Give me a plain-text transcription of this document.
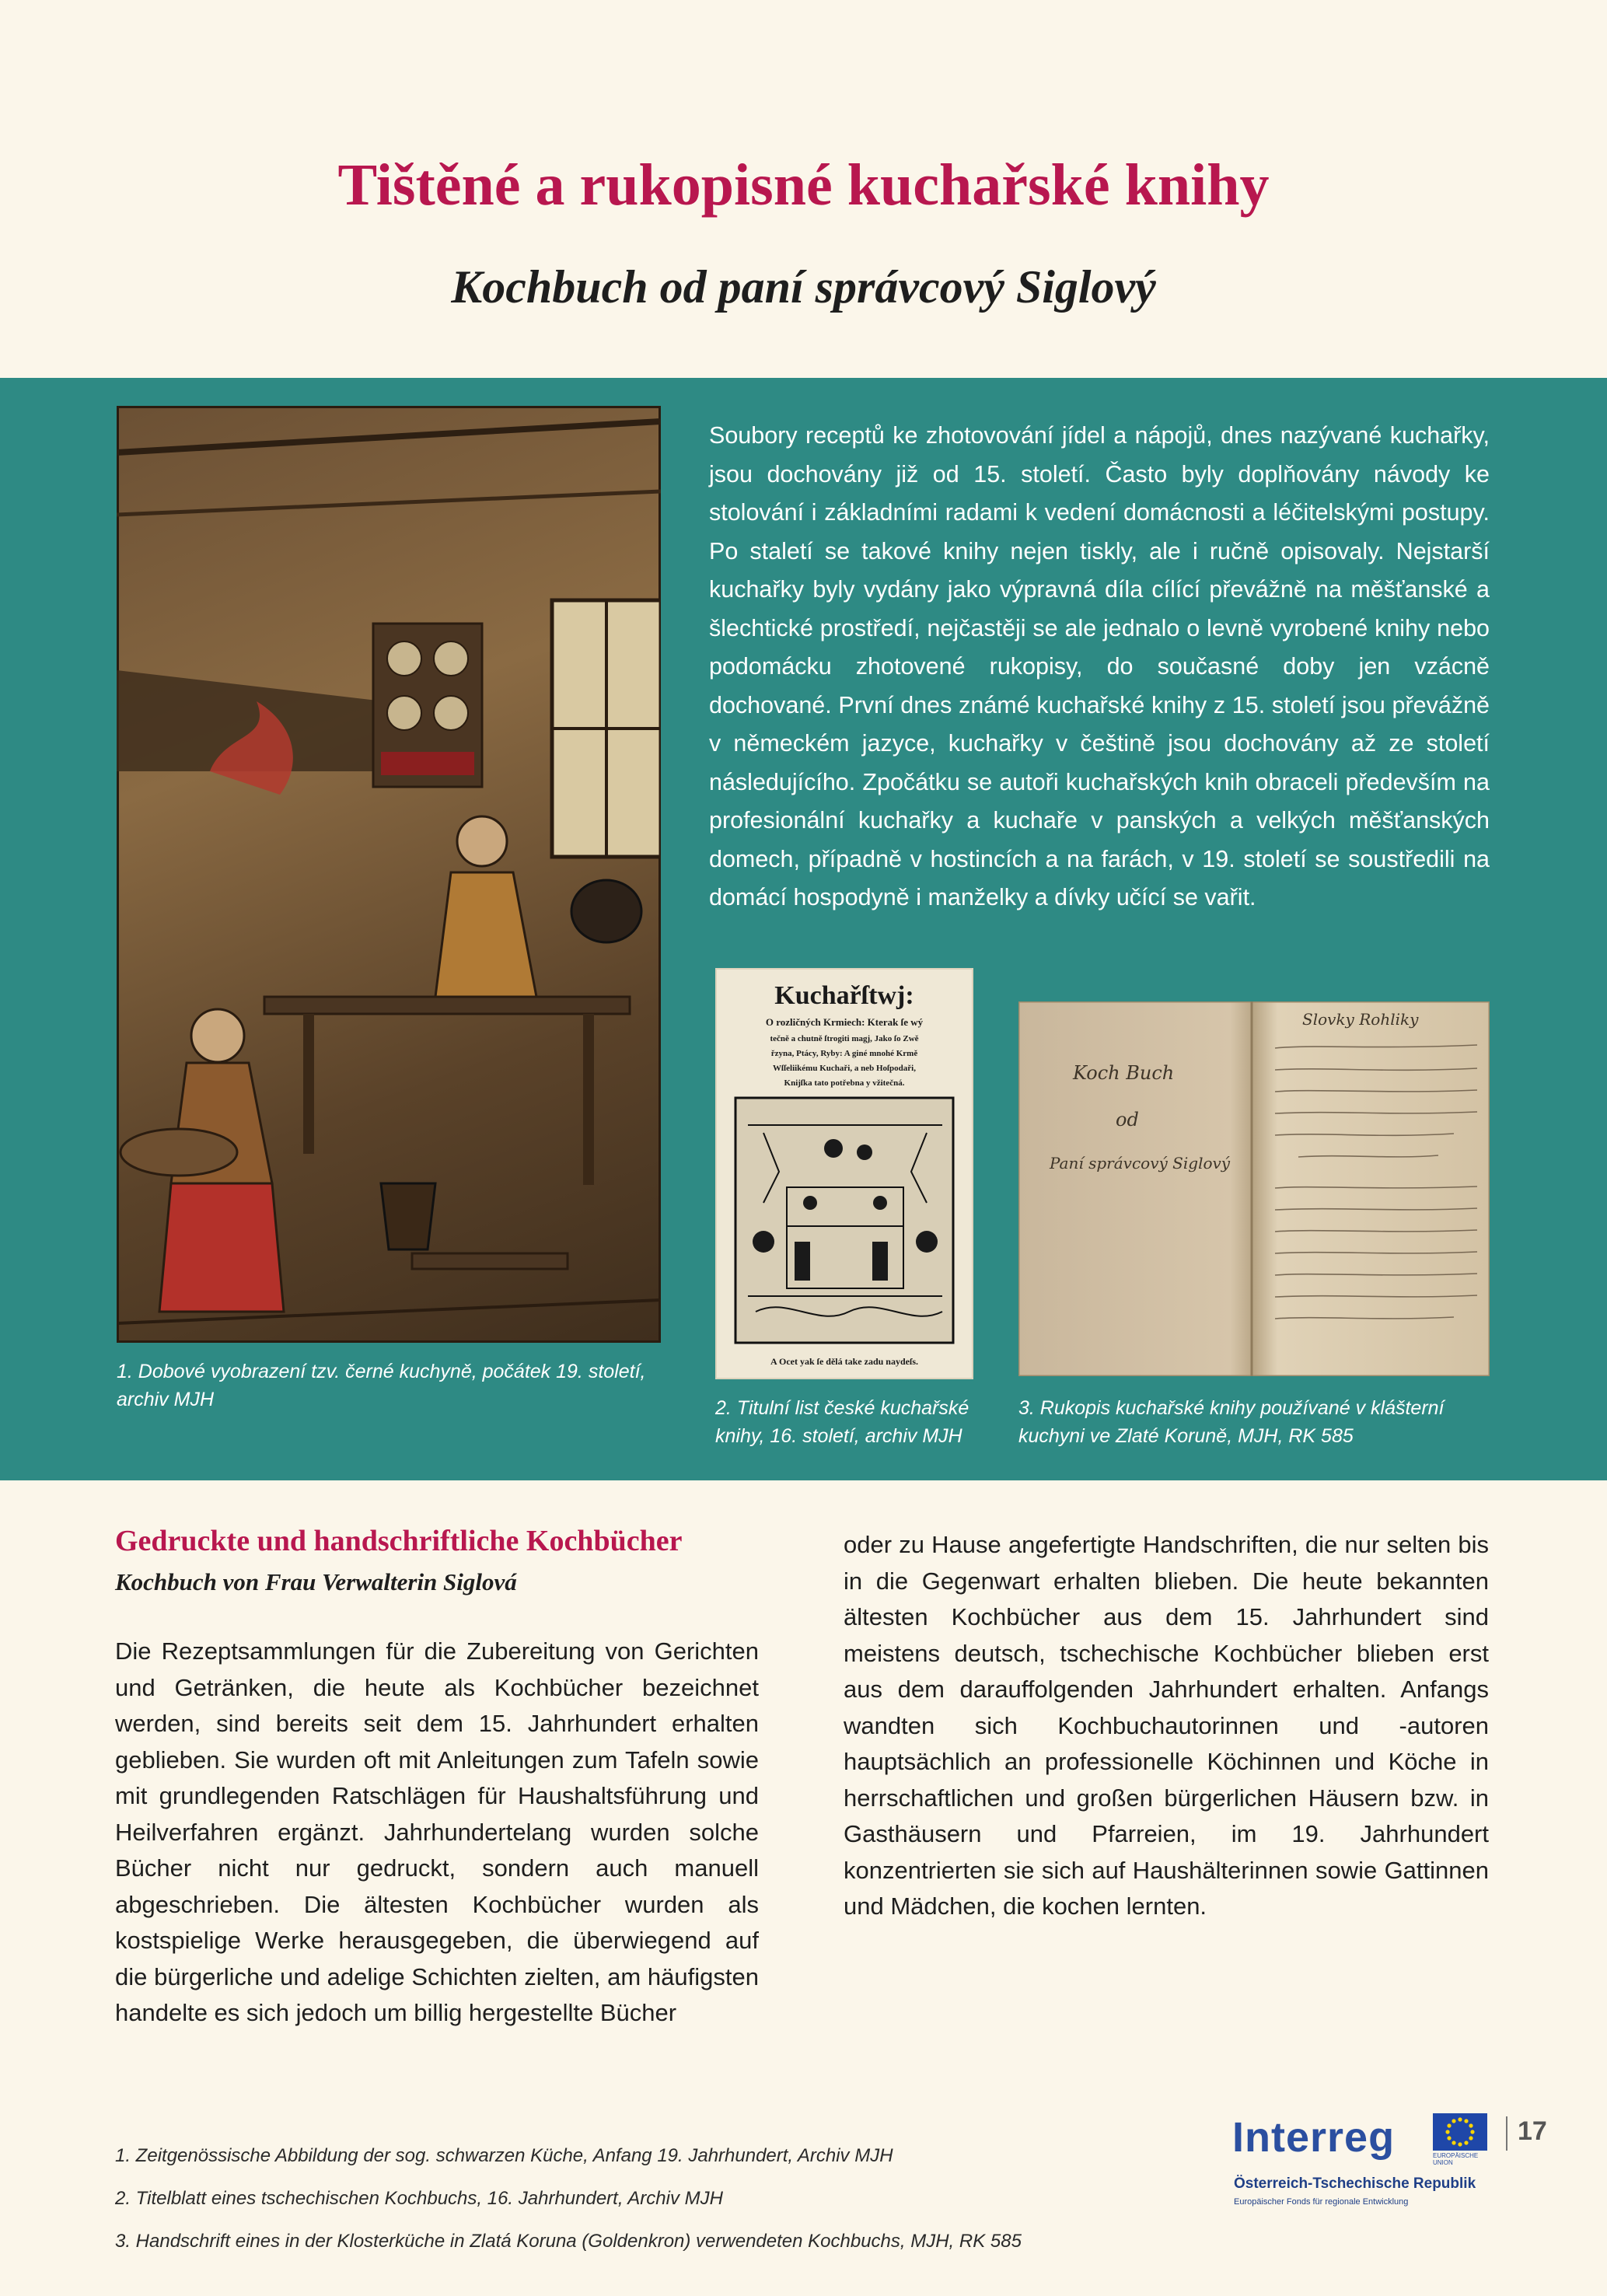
Tištěné a rukopisné kuchařské knihy
Kochbuch od paní správcový Siglový

Soubory receptů ke zhotovování jídel a nápojů, dnes nazývané kuchařky, jsou dochovány již od 15. století. Často byly doplňovány návody ke stolování i základními radami k vedení domácnosti a léčitelskými postupy. Po staletí se takové knihy nejen tiskly, ale i ručně opisovaly. Nejstarší kuchařky byly vydány jako výpravná díla cílící převážně na měšťanské a šlechtické prostředí, nejčastěji se ale jednalo o levně vyrobené knihy nebo podomácku zhotovené rukopisy, do současné doby jen vzácně dochované. První dnes známé kuchařské knihy z 15. století jsou převážně v německém jazyce, kuchařky v češtině jsou dochovány až ze století následujícího. Zpočátku se autoři kuchařských knih obraceli především na profesionální kuchařky a kuchaře v panských a velkých měšťanských domech, případně v hostincích a na farách, v 19. století se soustředili na domácí hospodyně i manželky a dívky učící se vařit.

Kuchařſtwj:
O rozličných Krmiech: Kterak ſe wý
tečně a chutně ſtrogiti magj, Jako ſo Zwě
řzyna, Ptácy, Ryby: A giné mnohé Krmě
Wſſeliikému Kuchaři, a neb Hoſpodaři,
Knijſka tato potřebna y vžitečná.
A Ocet yak ſe dělá take zadu naydeſs.
Koch Buch
od
Paní správcový Siglový
Slovky Rohliky

1. Dobové vyobrazení tzv. černé kuchyně, počátek 19. století, archiv MJH	2. Titulní list české kuchařské knihy, 16. století, archiv MJH

3. Rukopis kuchařské knihy používané v klášterní kuchyni ve Zlaté Koruně, MJH, RK 585

Gedruckte und handschriftliche Kochbücher

Kochbuch von Frau Verwalterin Siglová

Die Rezeptsammlungen für die Zubereitung von Gerichten und Getränken, die heute als Kochbücher bezeichnet werden, sind bereits seit dem 15. Jahrhundert erhalten geblieben. Sie wurden oft mit Anleitungen zum Tafeln sowie mit grundlegenden Ratschlägen für Haushaltsführung und Heilverfahren ergänzt. Jahrhundertelang wurden solche Bücher nicht nur gedruckt, sondern auch manuell abgeschrieben. Die ältesten Kochbücher wurden als kostspielige Werke herausgegeben, die überwiegend auf die bürgerliche und adelige Schichten zielten, am häufigsten handelte es sich jedoch um billig hergestellte Bücher

oder zu Hause angefertigte Handschriften, die nur selten bis in die Gegenwart erhalten blieben. Die heute bekannten ältesten Kochbücher aus dem 15. Jahrhundert sind meistens deutsch, tschechische Kochbücher blieben erst aus dem darauffolgenden Jahrhundert erhalten. Anfangs wandten sich Kochbuchautorinnen und -autoren hauptsächlich an professionelle Köchinnen und Köche in herrschaftlichen und großen bürgerlichen Häusern bzw. in Gasthäusern und Pfarreien, im 19. Jahrhundert konzentrierten sie sich auf Haushälterinnen sowie Gattinnen und Mädchen, die kochen lernten.

1. Zeitgenössische Abbildung der sog. schwarzen Küche, Anfang 19. Jahrhundert, Archiv MJH

2. Titelblatt eines tschechischen Kochbuchs, 16. Jahrhundert, Archiv MJH

3. Handschrift eines in der Klosterküche in Zlatá Koruna (Goldenkron) verwendeten Kochbuchs, MJH, RK 585

Interreg	EUROPÄISCHE UNION

Österreich-Tschechische Republik

Europäischer Fonds für regionale Entwicklung

17
